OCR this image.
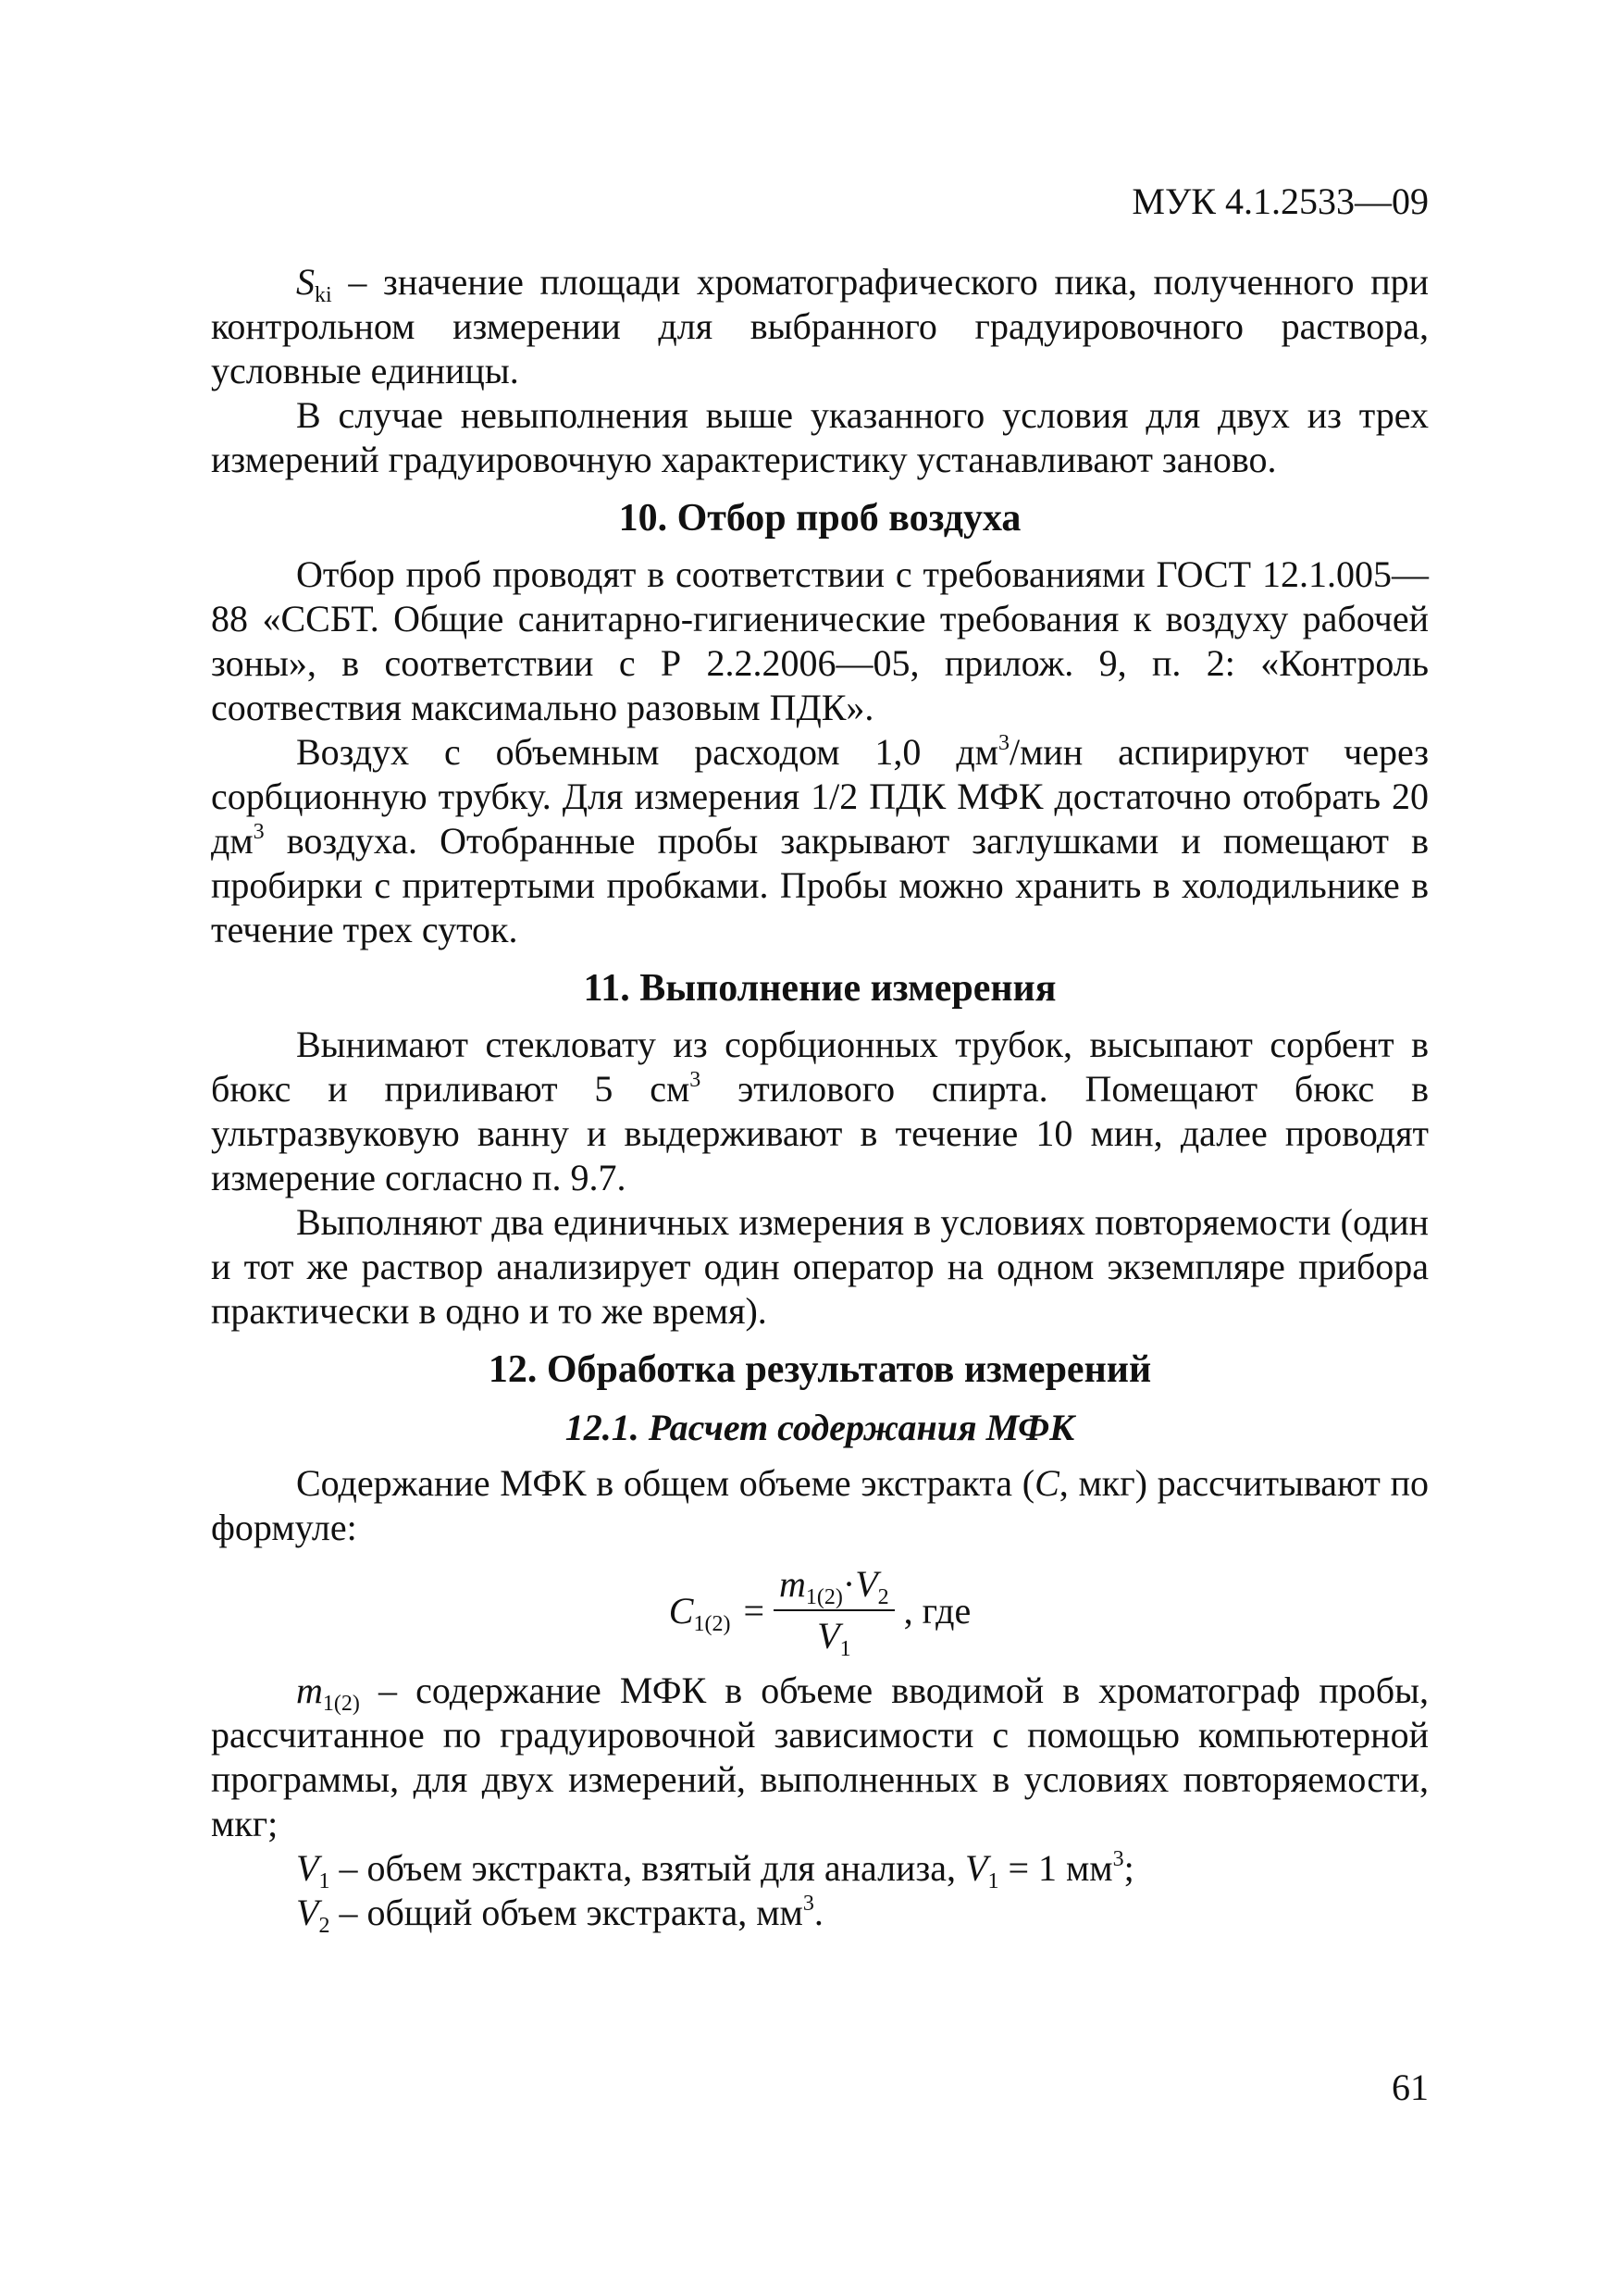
МУК 4.1.2533—09

$S_{ki}$ – значение площади хроматографического пика, полученного при контрольном измерении для выбранного градуировочного раствора, условные единицы.

В случае невыполнения выше указанного условия для двух из трех измерений градуировочную характеристику устанавливают заново.

10. Отбор проб воздуха

Отбор проб проводят в соответствии с требованиями ГОСТ 12.1.005—88 «ССБТ. Общие санитарно-гигиенические требования к воздуху рабочей зоны», в соответствии с Р 2.2.2006—05, прилож. 9, п. 2: «Контроль соотвествия максимально разовым ПДК».

Воздух с объемным расходом 1,0 $дм^3$/мин аспирируют через сорбционную трубку. Для измерения 1/2 ПДК МФК достаточно отобрать 20 $дм^3$ воздуха. Отобранные пробы закрывают заглушками и помещают в пробирки с притертыми пробками. Пробы можно хранить в холодильнике в течение трех суток.

11. Выполнение измерения

Вынимают стекловату из сорбционных трубок, высыпают сорбент в бюкс и приливают 5 $см^3$ этилового спирта. Помещают бюкс в ультразвуковую ванну и выдерживают в течение 10 мин, далее проводят измерение согласно п. 9.7.

Выполняют два единичных измерения в условиях повторяемости (один и тот же раствор анализирует один оператор на одном экземпляре прибора практически в одно и то же время).

12. Обработка результатов измерений
12.1. Расчет содержания МФК

Содержание МФК в общем объеме экстракта (C, мкг) рассчитывают по формуле:

$C_{1(2)} = \frac{m_{1(2)}\cdot V_2}{V_1}$ , где

$m_{1(2)}$ – содержание МФК в объеме вводимой в хроматограф пробы, рассчитанное по градуировочной зависимости с помощью компьютерной программы, для двух измерений, выполненных в условиях повторяемости, мкг;

$V_1$ – объем экстракта, взятый для анализа, $V_1 = 1$ $мм^3$;

$V_2$ – общий объем экстракта, $мм^3$.

61
